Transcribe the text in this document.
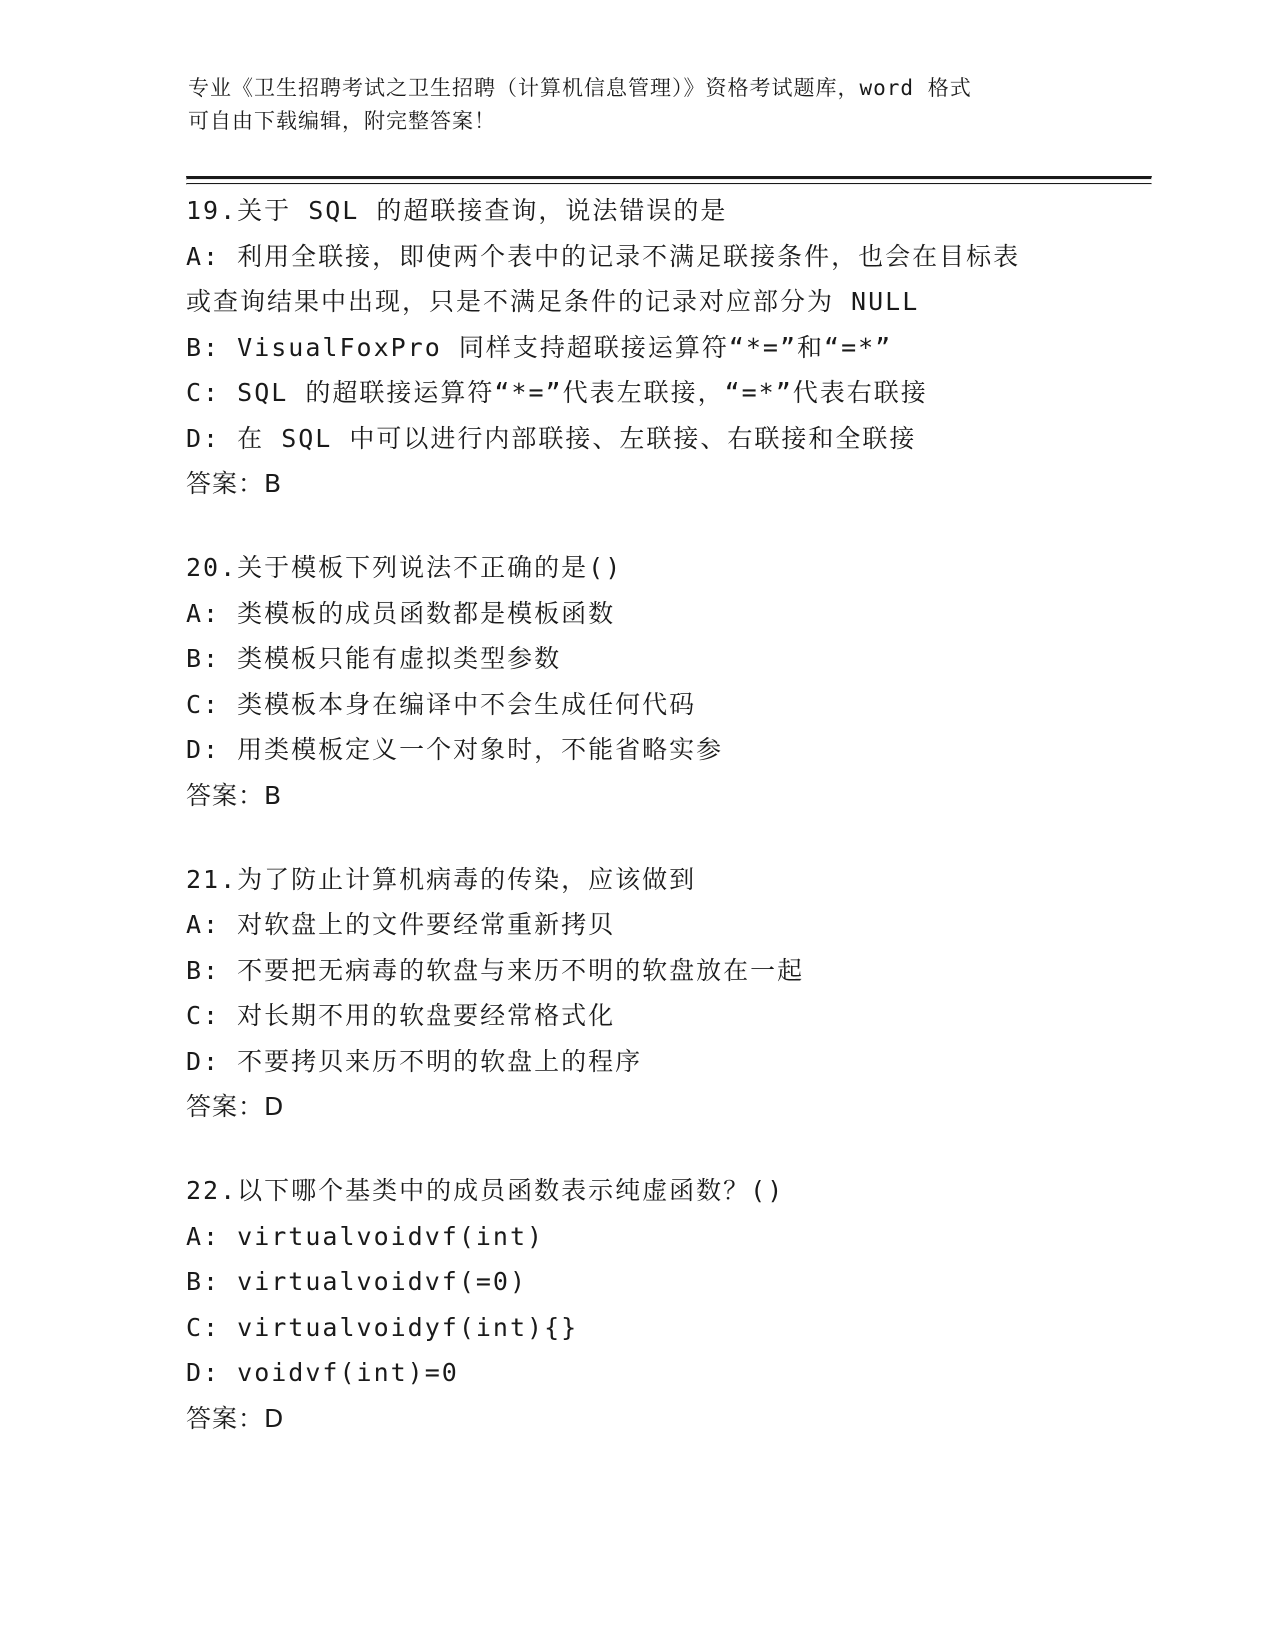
专业《卫生招聘考试之卫生招聘（计算机信息管理）》资格考试题库，word 格式
可自由下载编辑，附完整答案！
19.关于 SQL 的超联接查询，说法错误的是
A: 利用全联接，即使两个表中的记录不满足联接条件，也会在目标表
或查询结果中出现，只是不满足条件的记录对应部分为 NULL
B: VisualFoxPro 同样支持超联接运算符“*=”和“=*”
C: SQL 的超联接运算符“*=”代表左联接，“=*”代表右联接
D: 在 SQL 中可以进行内部联接、左联接、右联接和全联接
答案：B
20.关于模板下列说法不正确的是()
A: 类模板的成员函数都是模板函数
B: 类模板只能有虚拟类型参数
C: 类模板本身在编译中不会生成任何代码
D: 用类模板定义一个对象时，不能省略实参
答案：B
21.为了防止计算机病毒的传染，应该做到
A: 对软盘上的文件要经常重新拷贝
B: 不要把无病毒的软盘与来历不明的软盘放在一起
C: 对长期不用的软盘要经常格式化
D: 不要拷贝来历不明的软盘上的程序
答案：D
22.以下哪个基类中的成员函数表示纯虚函数？()
A: virtualvoidvf(int)
B: virtualvoidvf(=0)
C: virtualvoidyf(int){}
D: voidvf(int)=0
答案：D
